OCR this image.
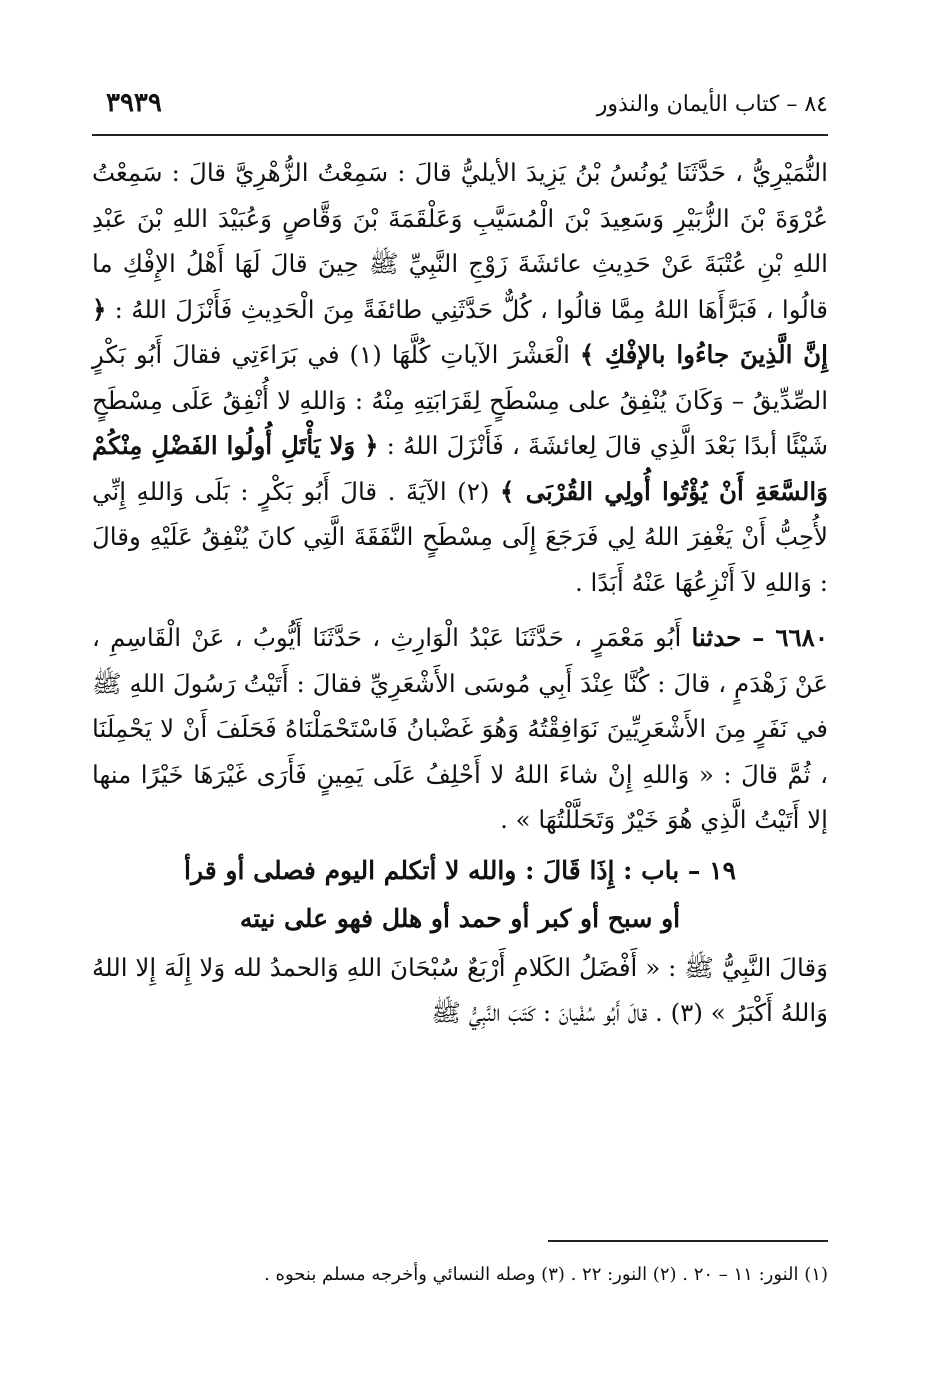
٨٤ – كتاب الأيمان والنذور
٣٩٣٩

النُّمَيْرِيُّ ، حَدَّثَنَا يُونُسُ بْنُ يَزِيدَ الأيليُّ قالَ : سَمِعْتُ الزُّهْرِيَّ قالَ : سَمِعْتُ عُرْوَةَ بْنَ الزُّبَيْرِ وَسَعِيدَ بْنَ الْمُسَيَّبِ وَعَلْقَمَةَ بْنَ وَقَّاصٍ وَعُبَيْدَ اللهِ بْنَ عَبْدِ اللهِ بْنِ عُتْبَةَ عَنْ حَدِيثِ عائشَةَ زَوْجِ النَّبِيِّ ﷺ حِينَ قالَ لَهَا أَهْلُ الإِفْكِ ما قالُوا ، فَبَرَّأَهَا اللهُ مِمَّا قالُوا ، كُلٌّ حَدَّثَنِي طائفَةً مِنَ الْحَدِيثِ فَأَنْزَلَ اللهُ : ﴿ إِنَّ الَّذِينَ جاءُوا بالإفْكِ ﴾ الْعَشْرَ الآياتِ كُلَّهَا (١) في بَرَاءَتِي فقالَ أَبُو بَكْرٍ الصِّدِّيقُ – وَكَانَ يُنْفِقُ على مِسْطَحٍ لِقَرَابَتِهِ مِنْهُ : وَاللهِ لا أُنْفِقُ عَلَى مِسْطَحٍ شَيْئًا أبدًا بَعْدَ الَّذِي قالَ لِعائشَةَ ، فَأَنْزَلَ اللهُ : ﴿ وَلا يَأْتَلِ أُولُوا الفَضْلِ مِنْكُمْ وَالسَّعَةِ أَنْ يُؤْتُوا أُولِي القُرْبَى ﴾ (٢) الآيَةَ . قالَ أَبُو بَكْرٍ : بَلَى وَاللهِ إِنِّي لأُحِبُّ أَنْ يَغْفِرَ اللهُ لِي فَرَجَعَ إِلَى مِسْطَحٍ النَّفَقَةَ الَّتِي كانَ يُنْفِقُ عَلَيْهِ وقالَ : وَاللهِ لاَ أَنْزِعُهَا عَنْهُ أَبَدًا .

٦٦٨٠ – حدثنا أَبُو مَعْمَرٍ ، حَدَّثَنَا عَبْدُ الْوَارِثِ ، حَدَّثَنَا أَيُّوبُ ، عَنْ الْقَاسِمِ ، عَنْ زَهْدَمٍ ، قالَ : كُنَّا عِنْدَ أَبِي مُوسَى الأَشْعَرِيِّ فقالَ : أَتَيْتُ رَسُولَ اللهِ ﷺ في نَفَرٍ مِنَ الأَشْعَرِيِّينَ نَوَافِقْتُهُ وَهُوَ غَضْبانُ فَاسْتَحْمَلْنَاهُ فَحَلَفَ أَنْ لا يَحْمِلَنَا ، ثُمَّ قالَ : « وَاللهِ إِنْ شاءَ اللهُ لا أَحْلِفُ عَلَى يَمِينٍ فَأَرَى غَيْرَهَا خَيْرًا منها إلا أَتَيْتُ الَّذِي هُوَ خَيْرٌ وَتَحَلَّلْتُهَا » .

١٩ – باب : إِذَا قَالَ : والله لا أتكلم اليوم فصلى أو قرأ
أو سبح أو كبر أو حمد أو هلل فهو على نيته

وَقالَ النَّبِيُّ ﷺ : « أَفْضَلُ الكَلامِ أَرْبَعٌ سُبْحَانَ اللهِ وَالحمدُ لله وَلا إِلَهَ إِلا اللهُ وَاللهُ أَكْبَرُ » (٣) . قالَ أَبُو سُفْيانَ : كَتَبَ النَّبِيُّ ﷺ

(١) النور: ١١ – ٢٠ . (٢) النور: ٢٢ . (٣) وصله النسائي وأخرجه مسلم بنحوه .
